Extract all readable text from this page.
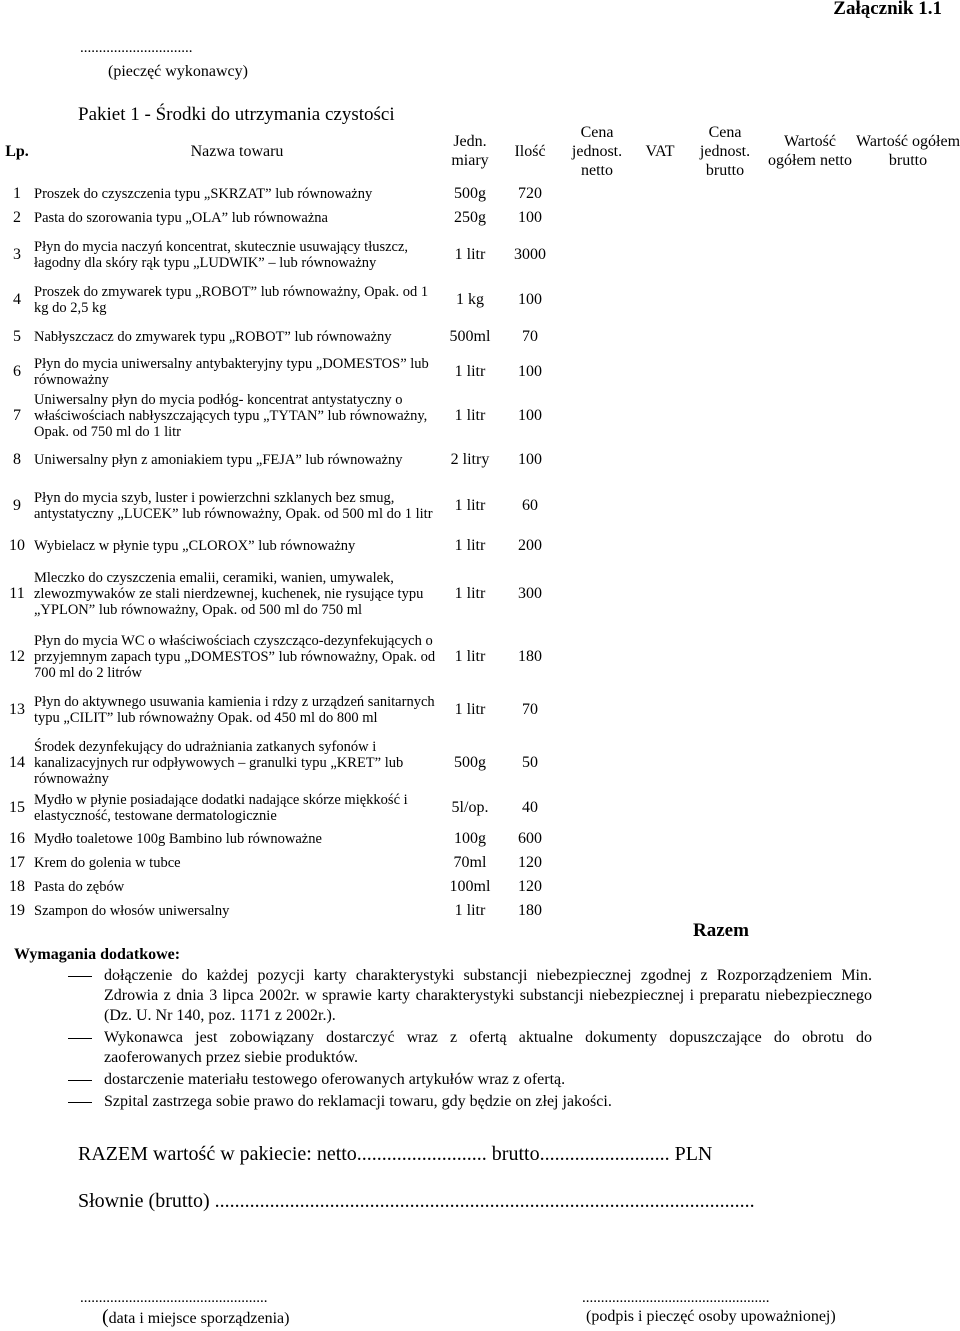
Załącznik 1.1
..............................
(pieczęć wykonawcy)
Pakiet 1 - Środki do utrzymania czystości
Lp.	Nazwa towaru	Jedn. miary	Ilość	Cena jednost. netto	VAT	Cena jednost. brutto	Wartość ogółem netto	Wartość ogółem brutto
1	Proszek do czyszczenia typu „SKRZAT” lub równoważny	500g	720					
2	Pasta do szorowania typu „OLA” lub równoważna	250g	100					
3	Płyn do mycia naczyń koncentrat, skutecznie usuwający tłuszcz, łagodny dla skóry rąk typu „LUDWIK” – lub równoważny	1 litr	3000					
4	Proszek do zmywarek typu „ROBOT” lub równoważny, Opak. od 1 kg do 2,5 kg	1 kg	100					
5	Nabłyszczacz do zmywarek typu „ROBOT” lub równoważny	500ml	70					
6	Płyn do mycia uniwersalny antybakteryjny typu „DOMESTOS” lub równoważny	1 litr	100					
7	Uniwersalny płyn do mycia podłóg- koncentrat antystatyczny o właściwościach nabłyszczających typu „TYTAN” lub równoważny, Opak. od 750 ml do 1 litr	1 litr	100					
8	Uniwersalny płyn z amoniakiem typu „FEJA” lub równoważny	2 litry	100					
9	Płyn do mycia szyb, luster i powierzchni szklanych bez smug, antystatyczny „LUCEK” lub równoważny, Opak. od 500 ml do 1 litr	1 litr	60					
10	Wybielacz w płynie typu „CLOROX” lub równoważny	1 litr	200					
11	Mleczko do czyszczenia emalii, ceramiki, wanien, umywalek, zlewozmywaków ze stali nierdzewnej, kuchenek, nie rysujące typu „YPLON” lub równoważny, Opak. od 500 ml do 750 ml	1 litr	300					
12	Płyn do mycia WC o właściwościach czyszcząco-dezynfekujących o przyjemnym zapach typu „DOMESTOS” lub równoważny, Opak. od 700 ml do 2 litrów	1 litr	180					
13	Płyn do aktywnego usuwania kamienia i rdzy z urządzeń sanitarnych typu „CILIT” lub równoważny Opak. od 450 ml do 800 ml	1 litr	70					
14	Środek dezynfekujący do udrażniania zatkanych syfonów i kanalizacyjnych rur odpływowych – granulki typu „KRET” lub równoważny	500g	50					
15	Mydło w płynie posiadające dodatki nadające skórze miękkość i elastyczność, testowane dermatologicznie	5l/op.	40					
16	Mydło toaletowe 100g Bambino lub równoważne	100g	600					
17	Krem do golenia w tubce	70ml	120					
18	Pasta do zębów	100ml	120					
19	Szampon do włosów uniwersalny	1 litr	180					
Razem
Wymagania dodatkowe:
dołączenie do każdej pozycji karty charakterystyki substancji niebezpiecznej zgodnej z Rozporządzeniem Min. Zdrowia z dnia 3 lipca 2002r. w sprawie karty charakterystyki substancji niebezpiecznej i preparatu niebezpiecznego (Dz. U. Nr 140, poz. 1171 z 2002r.).
Wykonawca jest zobowiązany dostarczyć wraz z ofertą aktualne dokumenty dopuszczające do obrotu do zaoferowanych przez siebie produktów.
dostarczenie materiału testowego oferowanych artykułów wraz z ofertą.
Szpital zastrzega sobie prawo do reklamacji towaru, gdy będzie on złej jakości.
RAZEM wartość w pakiecie: netto.......................... brutto.......................... PLN
Słownie (brutto) ............................................................................................................
..................................................
(data i miejsce sporządzenia)
..................................................
(podpis i pieczęć osoby upoważnionej)
